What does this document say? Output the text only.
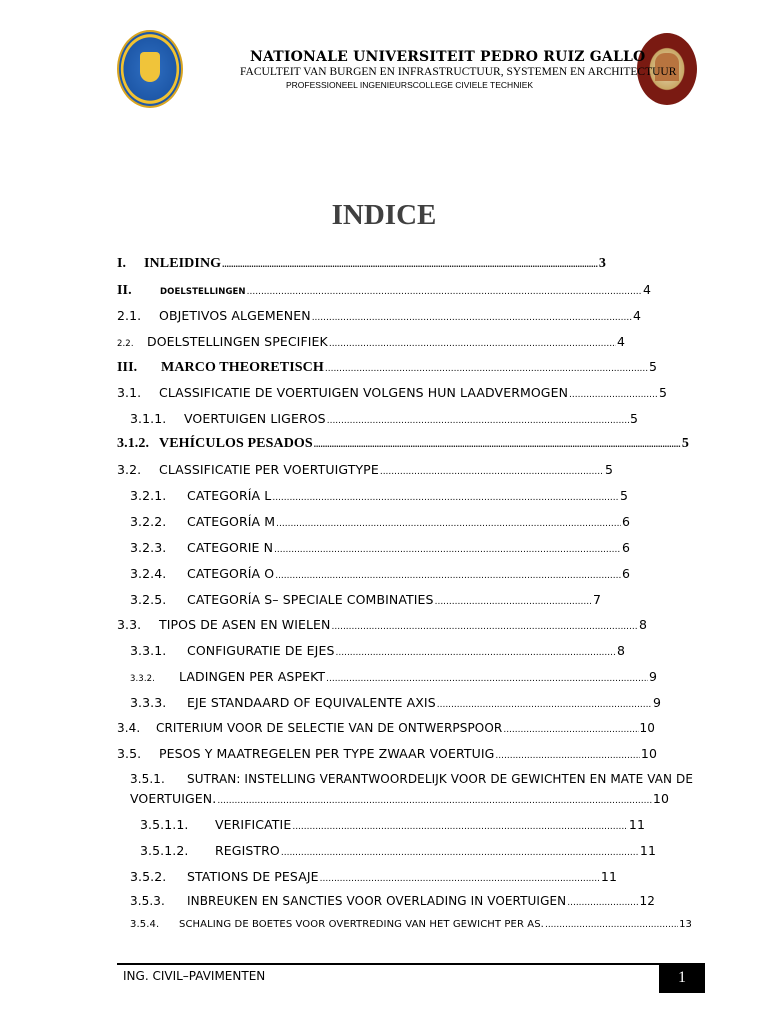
NATIONALE UNIVERSITEIT PEDRO RUIZ GALLO
FACULTEIT VAN BURGEN EN INFRASTRUCTUUR, SYSTEMEN EN ARCHITECTUUR
PROFESSIONEEL INGENIEURSCOLLEGE CIVIELE TECHNIEK
INDICE
I.	INLEIDING .....	3
II.	DOELSTELLINGEN .....	4
2.1.	OBJETIVOS ALGEMENEN .....	4
2.2.	DOELSTELLINGEN SPECIFIEK .....	4
III.	MARCO THEORETISCH .....	5
3.1.	CLASSIFICATIE DE VOERTUIGEN VOLGENS HUN LAADVERMOGEN .....	5
3.1.1.	VOERTUIGEN LIGEROS .....	5
3.1.2. VEHÍCULOS PESADOS .....	5
3.2.	CLASSIFICATIE PER VOERTUIGTYPE .....	5
3.2.1.	CATEGORÍA L .....	5
3.2.2.	CATEGORÍA M .....	6
3.2.3.	CATEGORIE N .....	6
3.2.4.	CATEGORÍA O .....	6
3.2.5.	CATEGORÍA S– SPECIALE COMBINATIES .....	7
3.3.	TIPOS DE ASEN EN WIELEN .....	8
3.3.1.	CONFIGURATIE DE EJES .....	8
3.3.2.	LADINGEN PER ASPEKT .....	9
3.3.3.	EJE STANDAARD OF EQUIVALENTE AXIS .....	9
3.4.	CRITERIUM VOOR DE SELECTIE VAN DE ONTWERPSPOOR .....	10
3.5.	PESOS Y MAATREGELEN PER TYPE ZWAAR VOERTUIG .....	10
3.5.1.	SUTRAN: INSTELLING VERANTWOORDELIJK VOOR DE GEWICHTEN EN MATE VAN DE
VOERTUIGEN. .....	10
3.5.1.1.	VERIFICATIE .....	11
3.5.1.2.	REGISTRO .....	11
3.5.2.	STATIONS DE PESAJE .....	11
3.5.3.	INBREUKEN EN SANCTIES VOOR OVERLADING IN VOERTUIGEN .....	12
3.5.4.	SCHALING DE BOETES VOOR OVERTREDING VAN HET GEWICHT PER AS. .....	13
ING. CIVIL–PAVIMENTEN	1
